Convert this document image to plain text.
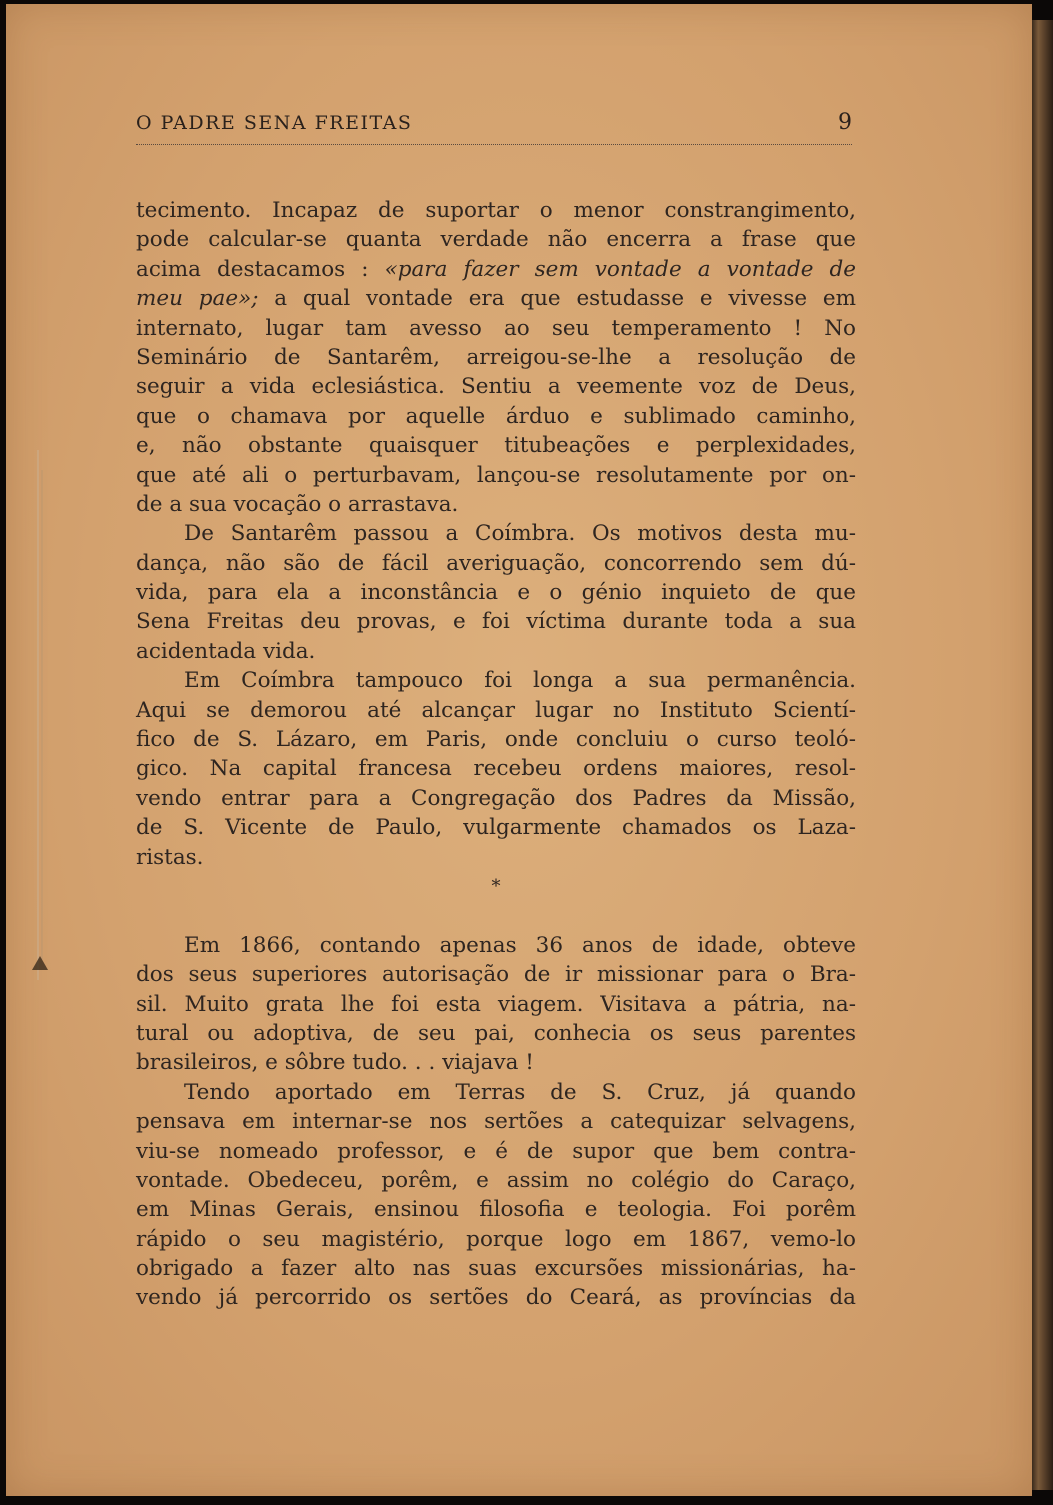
O PADRE SENA FREITAS	9
tecimento. Incapaz de suportar o menor constrangimento,
pode calcular-se quanta verdade não encerra a frase que
acima destacamos : «para fazer sem vontade a vontade de
meu pae»; a qual vontade era que estudasse e vivesse em
internato, lugar tam avesso ao seu temperamento ! No
Seminário de Santarêm, arreigou-se-lhe a resolução de
seguir a vida eclesiástica. Sentiu a veemente voz de Deus,
que o chamava por aquelle árduo e sublimado caminho,
e, não obstante quaisquer titubeações e perplexidades,
que até ali o perturbavam, lançou-se resolutamente por on-
de a sua vocação o arrastava.
De Santarêm passou a Coímbra. Os motivos desta mu-
dança, não são de fácil averiguação, concorrendo sem dú-
vida, para ela a inconstância e o génio inquieto de que
Sena Freitas deu provas, e foi víctima durante toda a sua
acidentada vida.
Em Coímbra tampouco foi longa a sua permanência.
Aqui se demorou até alcançar lugar no Instituto Scientí-
fico de S. Lázaro, em Paris, onde concluiu o curso teoló-
gico. Na capital francesa recebeu ordens maiores, resol-
vendo entrar para a Congregação dos Padres da Missão,
de S. Vicente de Paulo, vulgarmente chamados os Laza-
ristas.
*
Em 1866, contando apenas 36 anos de idade, obteve
dos seus superiores autorisação de ir missionar para o Bra-
sil. Muito grata lhe foi esta viagem. Visitava a pátria, na-
tural ou adoptiva, de seu pai, conhecia os seus parentes
brasileiros, e sôbre tudo. . . viajava !
Tendo aportado em Terras de S. Cruz, já quando
pensava em internar-se nos sertões a catequizar selvagens,
viu-se nomeado professor, e é de supor que bem contra-
vontade. Obedeceu, porêm, e assim no colégio do Caraço,
em Minas Gerais, ensinou filosofia e teologia. Foi porêm
rápido o seu magistério, porque logo em 1867, vemo-lo
obrigado a fazer alto nas suas excursões missionárias, ha-
vendo já percorrido os sertões do Ceará, as províncias da
